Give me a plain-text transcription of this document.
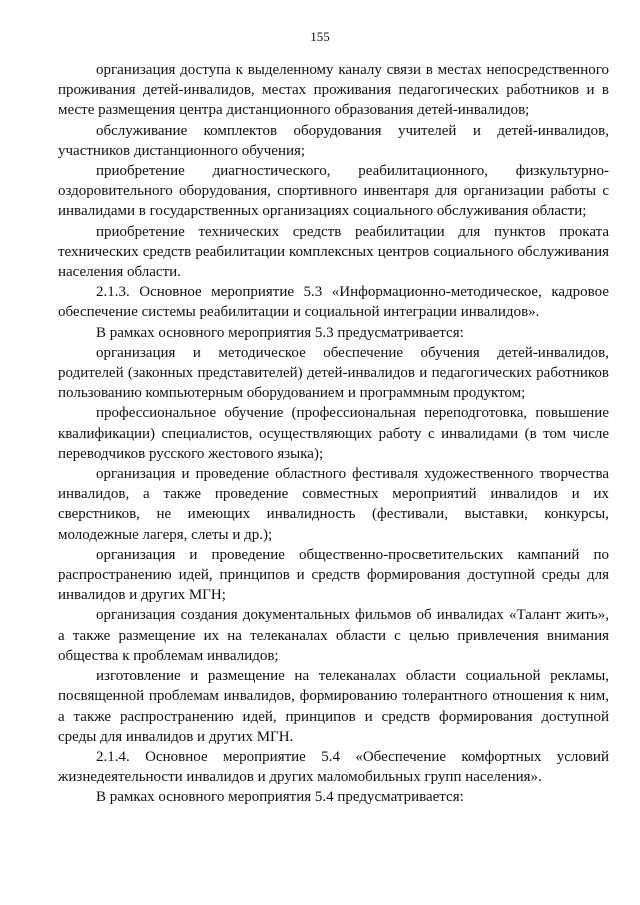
155

организация доступа к выделенному каналу связи в местах непосредственного проживания детей-инвалидов, местах проживания педагогических работников и в месте размещения центра дистанционного образования детей-инвалидов;

обслуживание комплектов оборудования учителей и детей-инвалидов, участников дистанционного обучения;

приобретение диагностического, реабилитационного, физкультурно-оздоровительного оборудования, спортивного инвентаря для организации работы с инвалидами в государственных организациях социального обслуживания области;

приобретение технических средств реабилитации для пунктов проката технических средств реабилитации комплексных центров социального обслуживания населения области.

2.1.3. Основное мероприятие 5.3 «Информационно-методическое, кадровое обеспечение системы реабилитации и социальной интеграции инвалидов».

В рамках основного мероприятия 5.3 предусматривается:

организация и методическое обеспечение обучения детей-инвалидов, родителей (законных представителей) детей-инвалидов и педагогических работников пользованию компьютерным оборудованием и программным продуктом;

профессиональное обучение (профессиональная переподготовка, повышение квалификации) специалистов, осуществляющих работу с инвалидами (в том числе переводчиков русского жестового языка);

организация и проведение областного фестиваля художественного творчества инвалидов, а также проведение совместных мероприятий инвалидов и их сверстников, не имеющих инвалидность (фестивали, выставки, конкурсы, молодежные лагеря, слеты и др.);

организация и проведение общественно-просветительских кампаний по распространению идей, принципов и средств формирования доступной среды для инвалидов и других МГН;

организация создания документальных фильмов об инвалидах «Талант жить», а также размещение их на телеканалах области с целью привлечения внимания общества к проблемам инвалидов;

изготовление и размещение на телеканалах области социальной рекламы, посвященной проблемам инвалидов, формированию толерантного отношения к ним, а также распространению идей, принципов и средств формирования доступной среды для инвалидов и других МГН.

2.1.4. Основное мероприятие 5.4 «Обеспечение комфортных условий жизнедеятельности инвалидов и других маломобильных групп населения».

В рамках основного мероприятия 5.4 предусматривается:
